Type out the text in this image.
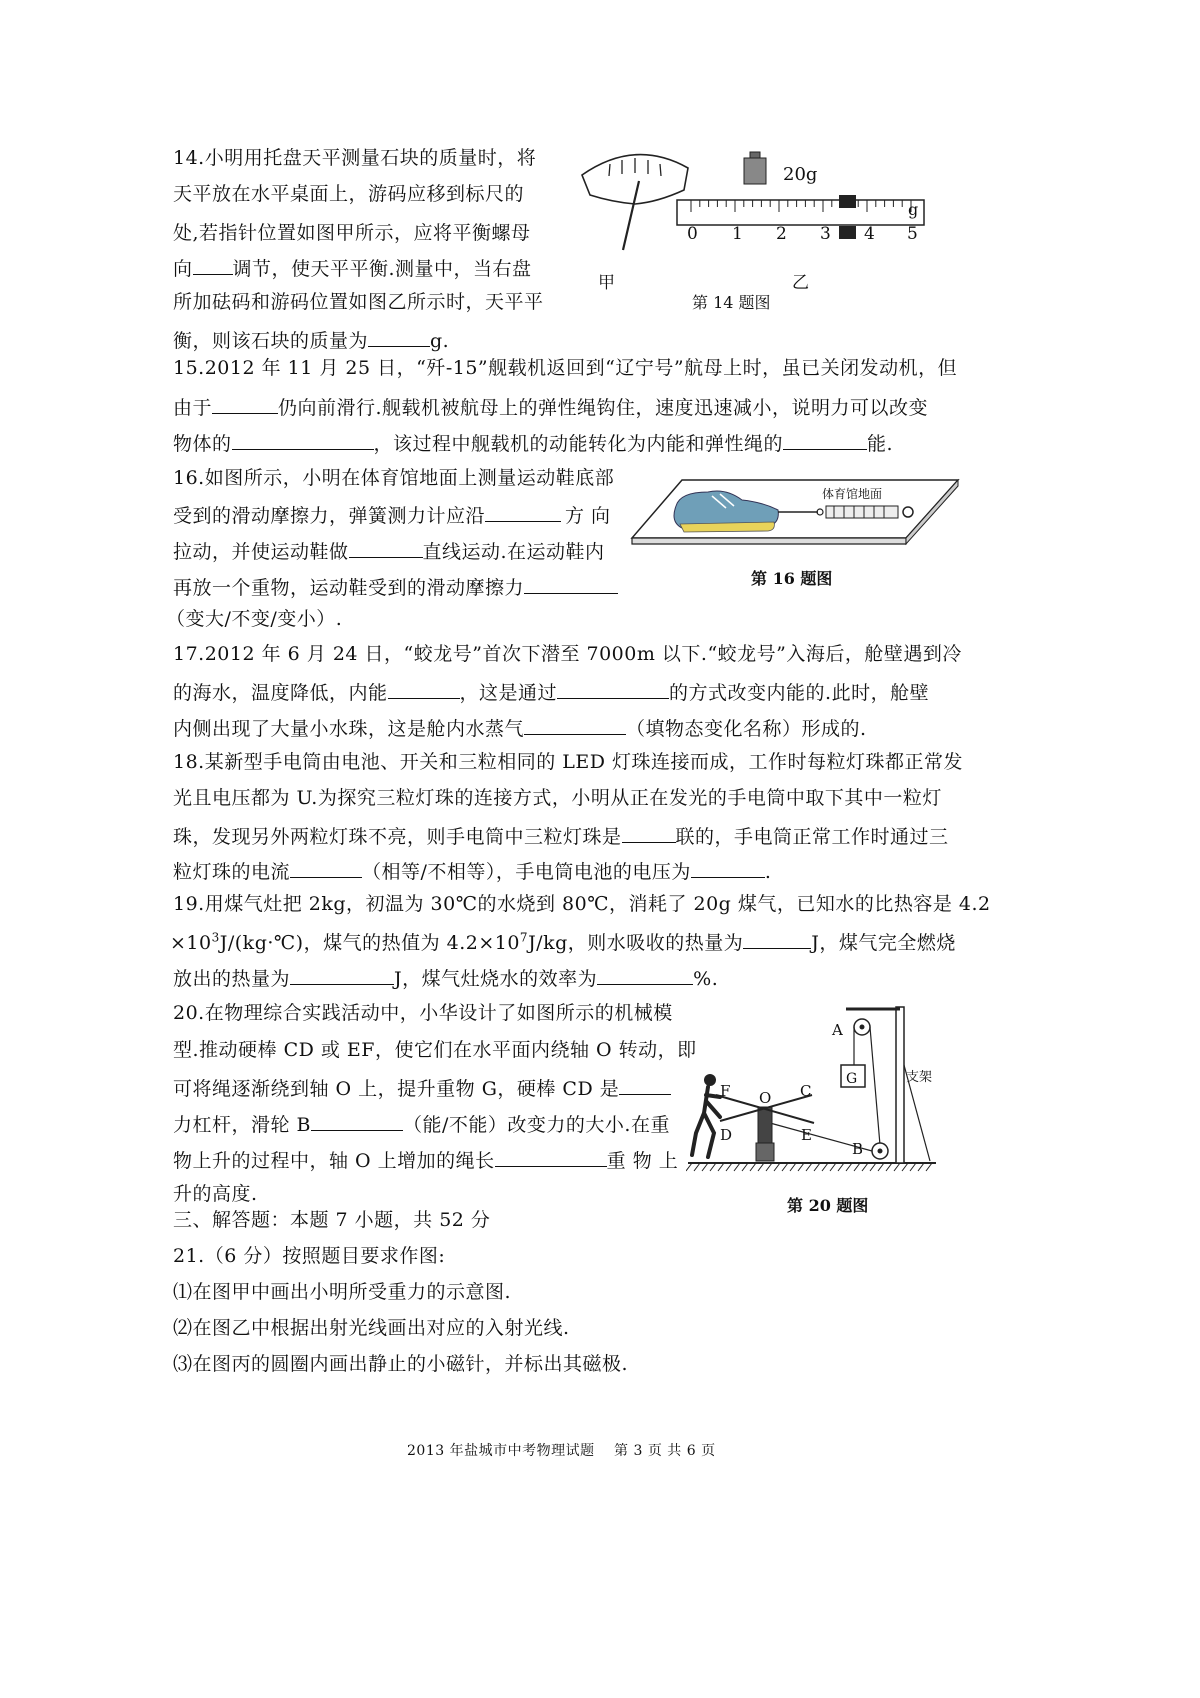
14.小明用托盘天平测量石块的质量时，将
天平放在水平桌面上，游码应移到标尺的
处,若指针位置如图甲所示，应将平衡螺母
向 调节，使天平平衡.测量中，当右盘
所加砝码和游码位置如图乙所示时，天平平
衡，则该石块的质量为	g.
20g
0 1 2 3 4 5
g
甲	乙
第 14 题图
15.2012 年 11 月 25 日，“歼-15”舰载机返回到“辽宁号”航母上时，虽已关闭发动机，但
由于	仍向前滑行.舰载机被航母上的弹性绳钩住，速度迅速减小，说明力可以改变
物体的	，该过程中舰载机的动能转化为内能和弹性绳的	能.
16.如图所示，小明在体育馆地面上测量运动鞋底部
受到的滑动摩擦力，弹簧测力计应沿	方 向
拉动，并使运动鞋做	直线运动.在运动鞋内
再放一个重物，运动鞋受到的滑动摩擦力
（变大/不变/变小）.
体育馆地面
第 16 题图
17.2012 年 6 月 24 日，“蛟龙号”首次下潜至 7000m 以下.“蛟龙号”入海后，舱壁遇到冷
的海水，温度降低，内能	，这是通过	的方式改变内能的.此时，舱壁
内侧出现了大量小水珠，这是舱内水蒸气	（填物态变化名称）形成的.
18.某新型手电筒由电池、开关和三粒相同的 LED 灯珠连接而成，工作时每粒灯珠都正常发
光且电压都为 U.为探究三粒灯珠的连接方式，小明从正在发光的手电筒中取下其中一粒灯
珠，发现另外两粒灯珠不亮，则手电筒中三粒灯珠是	联的，手电筒正常工作时通过三
粒灯珠的电流	（相等/不相等），手电筒电池的电压为	.
19.用煤气灶把 2kg，初温为 30℃的水烧到 80℃，消耗了 20g 煤气，已知水的比热容是 4.2
$\times 10^3J/(kg\cdot℃)$，煤气的热值为 $4.2\times 10^7J/kg$，则水吸收的热量为	J，煤气完全燃烧
放出的热量为	J，煤气灶烧水的效率为	%.
20.在物理综合实践活动中，小华设计了如图所示的机械模
型.推动硬棒 CD 或 EF，使它们在水平面内绕轴 O 转动，即
可将绳逐渐绕到轴 O 上，提升重物 G，硬棒 CD 是
力杠杆，滑轮 B	（能/不能）改变力的大小.在重
物上升的过程中，轴 O 上增加的绳长	重 物 上
升的高度.
A
G	支架
F O C
D	E
B
第 20 题图
三、解答题：本题 7 小题，共 52 分
21.（6 分）按照题目要求作图:
⑴在图甲中画出小明所受重力的示意图.
⑵在图乙中根据出射光线画出对应的入射光线.
⑶在图丙的圆圈内画出静止的小磁针，并标出其磁极.
2013 年盐城市中考物理试题　 第 3 页 共 6 页
